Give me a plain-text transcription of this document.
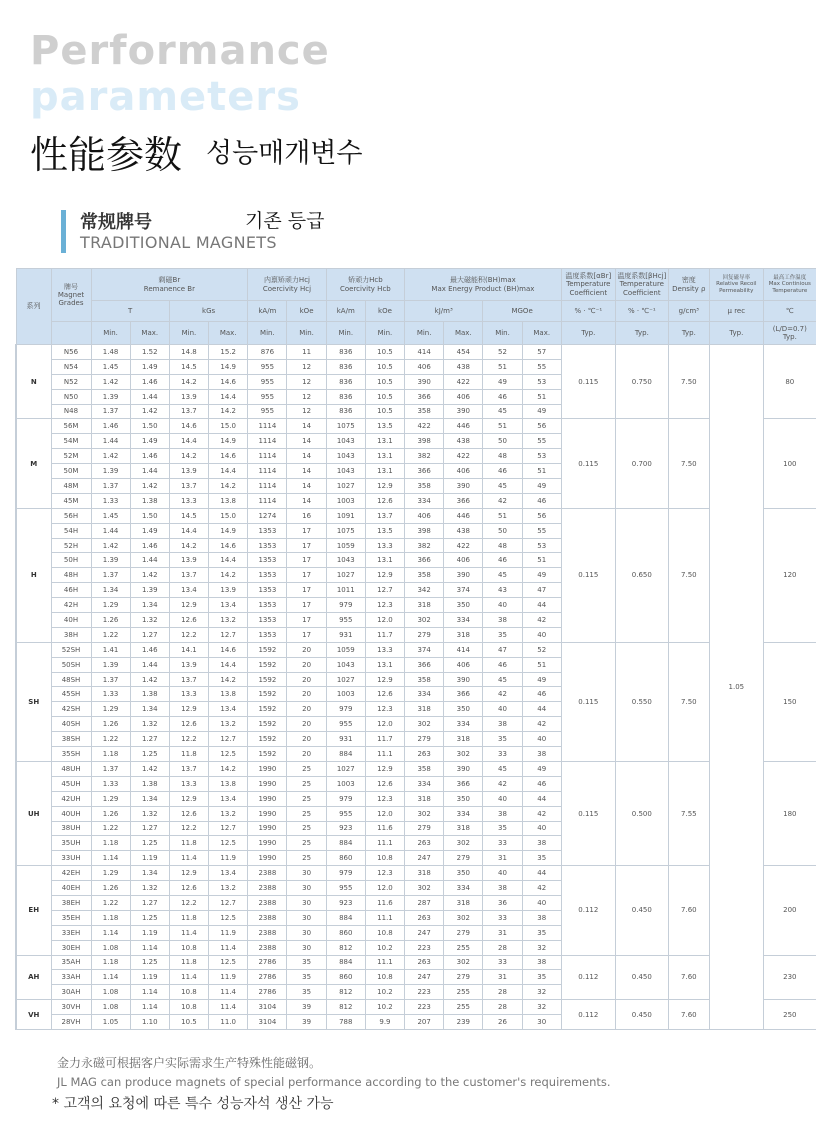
Performance
parameters
性能参数 성능매개변수
常规牌号	기존 등급
TRADITIONAL MAGNETS
系列	牌号
Magnet
Grades	剩磁Br
Remanence Br				内禀矫顽力Hcj
Coercivity Hcj		矫顽力Hcb
Coercivity Hcb		最大磁能积(BH)max
Max Energy Product (BH)max				温度系数[αBr]
Temperature
Coefficient	温度系数[βHcj]
Temperature
Coefficient	密度
Density ρ	回复磁导率
Relative Recoil
Permeability	最高工作温度
Max Continious
Temperature
		T		kGs		kA/m	kOe	kA/m	kOe	kJ/m³		MGOe		% · ℃⁻¹	% · ℃⁻¹	g/cm³	μ rec	℃
		Min.	Max.	Min.	Max.	Min.	Min.	Min.	Min.	Min.	Max.	Min.	Max.	Typ.	Typ.	Typ.	Typ.	(L/D=0.7)
Typ.
N	N56	1.48	1.52	14.8	15.2	876	11	836	10.5	414	454	52	57	0.115	0.750	7.50	1.05	80
	N54	1.45	1.49	14.5	14.9	955	12	836	10.5	406	438	51	55					
	N52	1.42	1.46	14.2	14.6	955	12	836	10.5	390	422	49	53					
	N50	1.39	1.44	13.9	14.4	955	12	836	10.5	366	406	46	51					
	N48	1.37	1.42	13.7	14.2	955	12	836	10.5	358	390	45	49					
M	56M	1.46	1.50	14.6	15.0	1114	14	1075	13.5	422	446	51	56	0.115	0.700	7.50		100
	54M	1.44	1.49	14.4	14.9	1114	14	1043	13.1	398	438	50	55					
	52M	1.42	1.46	14.2	14.6	1114	14	1043	13.1	382	422	48	53					
	50M	1.39	1.44	13.9	14.4	1114	14	1043	13.1	366	406	46	51					
	48M	1.37	1.42	13.7	14.2	1114	14	1027	12.9	358	390	45	49					
	45M	1.33	1.38	13.3	13.8	1114	14	1003	12.6	334	366	42	46					
H	56H	1.45	1.50	14.5	15.0	1274	16	1091	13.7	406	446	51	56	0.115	0.650	7.50		120
	54H	1.44	1.49	14.4	14.9	1353	17	1075	13.5	398	438	50	55					
	52H	1.42	1.46	14.2	14.6	1353	17	1059	13.3	382	422	48	53					
	50H	1.39	1.44	13.9	14.4	1353	17	1043	13.1	366	406	46	51					
	48H	1.37	1.42	13.7	14.2	1353	17	1027	12.9	358	390	45	49					
	46H	1.34	1.39	13.4	13.9	1353	17	1011	12.7	342	374	43	47					
	42H	1.29	1.34	12.9	13.4	1353	17	979	12.3	318	350	40	44					
	40H	1.26	1.32	12.6	13.2	1353	17	955	12.0	302	334	38	42					
	38H	1.22	1.27	12.2	12.7	1353	17	931	11.7	279	318	35	40					
SH	52SH	1.41	1.46	14.1	14.6	1592	20	1059	13.3	374	414	47	52	0.115	0.550	7.50		150
	50SH	1.39	1.44	13.9	14.4	1592	20	1043	13.1	366	406	46	51					
	48SH	1.37	1.42	13.7	14.2	1592	20	1027	12.9	358	390	45	49					
	45SH	1.33	1.38	13.3	13.8	1592	20	1003	12.6	334	366	42	46					
	42SH	1.29	1.34	12.9	13.4	1592	20	979	12.3	318	350	40	44					
	40SH	1.26	1.32	12.6	13.2	1592	20	955	12.0	302	334	38	42					
	38SH	1.22	1.27	12.2	12.7	1592	20	931	11.7	279	318	35	40					
	35SH	1.18	1.25	11.8	12.5	1592	20	884	11.1	263	302	33	38					
UH	48UH	1.37	1.42	13.7	14.2	1990	25	1027	12.9	358	390	45	49	0.115	0.500	7.55		180
	45UH	1.33	1.38	13.3	13.8	1990	25	1003	12.6	334	366	42	46					
	42UH	1.29	1.34	12.9	13.4	1990	25	979	12.3	318	350	40	44					
	40UH	1.26	1.32	12.6	13.2	1990	25	955	12.0	302	334	38	42					
	38UH	1.22	1.27	12.2	12.7	1990	25	923	11.6	279	318	35	40					
	35UH	1.18	1.25	11.8	12.5	1990	25	884	11.1	263	302	33	38					
	33UH	1.14	1.19	11.4	11.9	1990	25	860	10.8	247	279	31	35					
EH	42EH	1.29	1.34	12.9	13.4	2388	30	979	12.3	318	350	40	44	0.112	0.450	7.60		200
	40EH	1.26	1.32	12.6	13.2	2388	30	955	12.0	302	334	38	42					
	38EH	1.22	1.27	12.2	12.7	2388	30	923	11.6	287	318	36	40					
	35EH	1.18	1.25	11.8	12.5	2388	30	884	11.1	263	302	33	38					
	33EH	1.14	1.19	11.4	11.9	2388	30	860	10.8	247	279	31	35					
	30EH	1.08	1.14	10.8	11.4	2388	30	812	10.2	223	255	28	32					
AH	35AH	1.18	1.25	11.8	12.5	2786	35	884	11.1	263	302	33	38	0.112	0.450	7.60		230
	33AH	1.14	1.19	11.4	11.9	2786	35	860	10.8	247	279	31	35					
	30AH	1.08	1.14	10.8	11.4	2786	35	812	10.2	223	255	28	32					
VH	30VH	1.08	1.14	10.8	11.4	3104	39	812	10.2	223	255	28	32	0.112	0.450	7.60		250
	28VH	1.05	1.10	10.5	11.0	3104	39	788	9.9	207	239	26	30					
金力永磁可根据客户实际需求生产特殊性能磁钢。
JL MAG can produce magnets of special performance according to the customer's requirements.
* 고객의 요청에 따른 특수 성능자석 생산 가능
